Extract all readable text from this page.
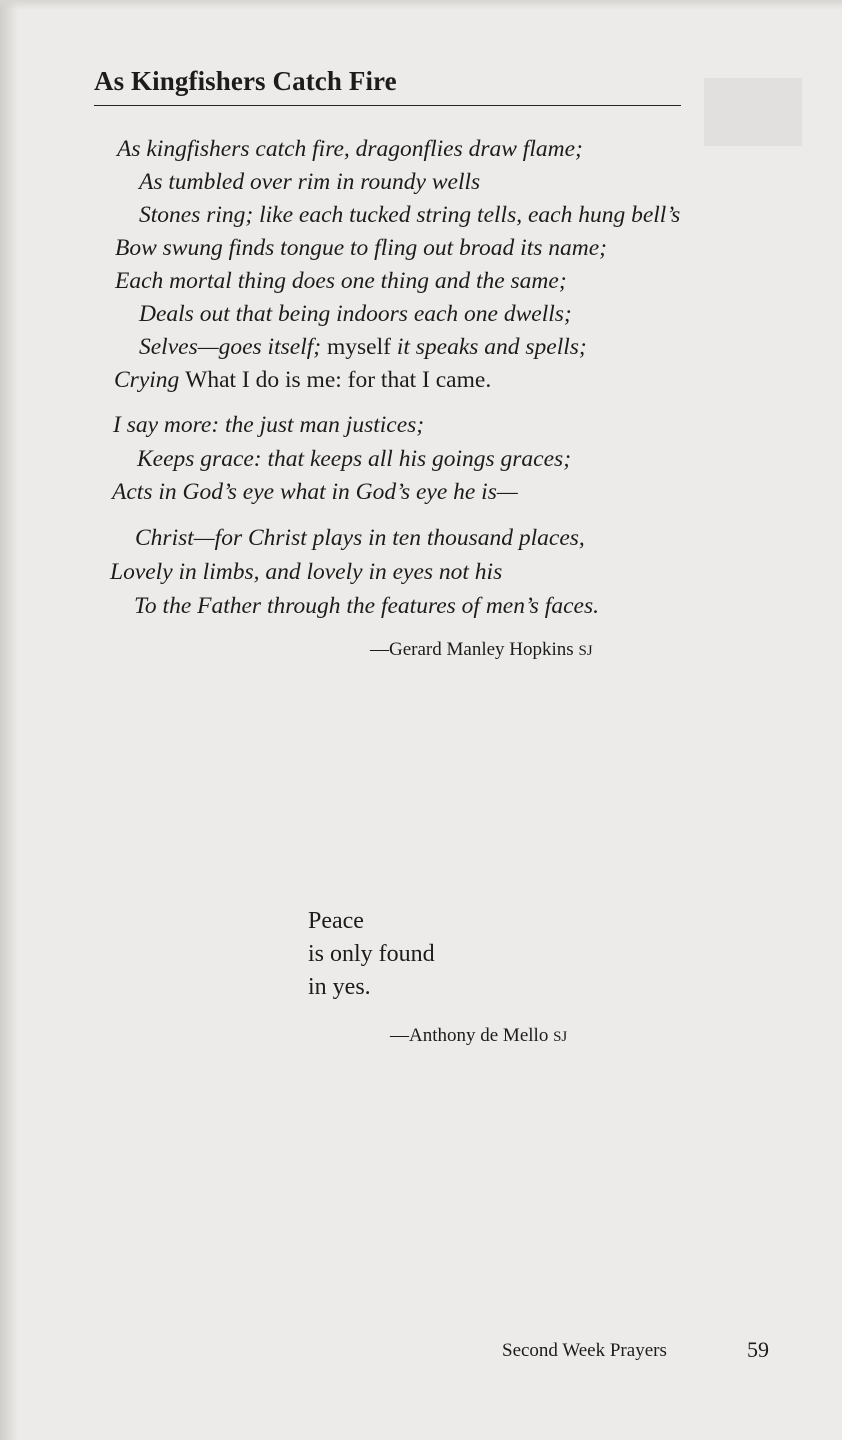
As Kingfishers Catch Fire
As kingfishers catch fire, dragonflies draw flame;
As tumbled over rim in roundy wells
Stones ring; like each tucked string tells, each hung bell’s
Bow swung finds tongue to fling out broad its name;
Each mortal thing does one thing and the same;
Deals out that being indoors each one dwells;
Selves—goes itself; myself it speaks and spells;
Crying What I do is me: for that I came.
I say more: the just man justices;
Keeps grace: that keeps all his goings graces;
Acts in God’s eye what in God’s eye he is—
Christ—for Christ plays in ten thousand places,
Lovely in limbs, and lovely in eyes not his
To the Father through the features of men’s faces.
—Gerard Manley Hopkins SJ

Peace
is only found
in yes.

—Anthony de Mello SJ
Second Week Prayers	59
